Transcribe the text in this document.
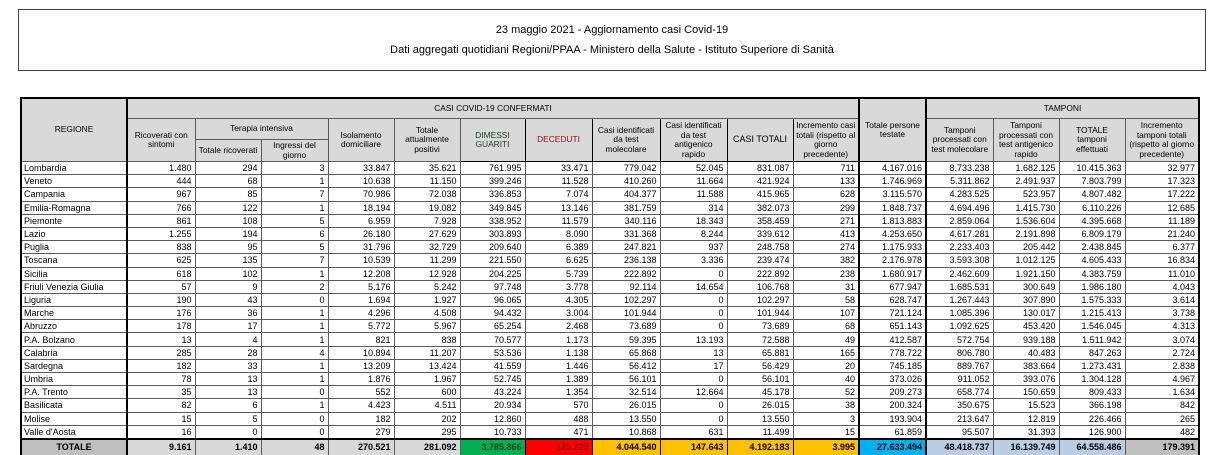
23 maggio 2021 - Aggiornamento casi Covid-19
Dati aggregati quotidiani Regioni/PPAA - Ministero della Salute - Istituto Superiore di Sanità
REGIONE	CASI COVID-19 CONFERMATI											Totale persone testate	TAMPONI			
	Ricoverati con sintomi	Terapia intensiva		Isolamento domiciliare	Totale attualmente positivi	DIMESSI GUARITI	DECEDUTI	Casi identificati da test molecolare	Casi identificati da test antigenico rapido	CASI TOTALI	Incremento casi totali (rispetto al giorno precedente)		Tamponi processati con test molecolare	Tamponi processati con test antigenico rapido	TOTALE tamponi effettuati	Incremento tamponi totali (rispetto al giorno precedente)
		Totale ricoverati	Ingressi del giorno													
Lombardia	1.480	294	3	33.847	35.621	761.995	33.471	779.042	52.045	831.087	711	4.167.016	8.733.238	1.682.125	10.415.363	32.977
Veneto	444	68	1	10.638	11.150	399.246	11.528	410.260	11.664	421.924	133	1.746.969	5.311.862	2.491.937	7.803.799	17.323
Campania	967	85	7	70.986	72.038	336.853	7.074	404.377	11.588	415.965	628	3.115.570	4.283.525	523.957	4.807.482	17.222
Emilia-Romagna	766	122	1	18.194	19.082	349.845	13.146	381.759	314	382.073	299	1.848.737	4.694.496	1.415.730	6.110.226	12.685
Piemonte	861	108	5	6.959	7.928	338.952	11.579	340.116	18.343	358.459	271	1.813.883	2.859.064	1.536.604	4.395.668	11.189
Lazio	1.255	194	6	26.180	27.629	303.893	8.090	331.368	8.244	339.612	413	4.253.650	4.617.281	2.191.898	6.809.179	21.240
Puglia	838	95	5	31.796	32.729	209.640	6.389	247.821	937	248.758	274	1.175.933	2.233.403	205.442	2.438.845	6.377
Toscana	625	135	7	10.539	11.299	221.550	6.625	236.138	3.336	239.474	382	2.176.978	3.593.308	1.012.125	4.605.433	16.834
Sicilia	618	102	1	12.208	12.928	204.225	5.739	222.892	0	222.892	238	1.680.917	2.462.609	1.921.150	4.383.759	11.010
Friuli Venezia Giulia	57	9	2	5.176	5.242	97.748	3.778	92.114	14.654	106.768	31	677.947	1.685.531	300.649	1.986.180	4.043
Liguria	190	43	0	1.694	1.927	96.065	4.305	102.297	0	102.297	58	628.747	1.267.443	307.890	1.575.333	3.614
Marche	176	36	1	4.296	4.508	94.432	3.004	101.944	0	101.944	107	721.124	1.085.396	130.017	1.215.413	3.738
Abruzzo	178	17	1	5.772	5.967	65.254	2.468	73.689	0	73.689	68	651.143	1.092.625	453.420	1.546.045	4.313
P.A. Bolzano	13	4	1	821	838	70.577	1.173	59.395	13.193	72.588	49	412.587	572.754	939.188	1.511.942	3.074
Calabria	285	28	4	10.894	11.207	53.536	1.138	65.868	13	65.881	165	778.722	806.780	40.483	847.263	2.724
Sardegna	182	33	1	13.209	13.424	41.559	1.446	56.412	17	56.429	20	745.185	889.767	383.664	1.273.431	2.838
Umbria	78	13	1	1.876	1.967	52.745	1.389	56.101	0	56.101	40	373.026	911.052	393.076	1.304.128	4.967
P.A. Trento	35	13	0	552	600	43.224	1.354	32.514	12.664	45.178	52	209.273	658.774	150.659	809.433	1.634
Basilicata	82	6	1	4.423	4.511	20.934	570	26.015	0	26.015	38	200.324	350.675	15.523	366.198	842
Molise	15	5	0	182	202	12.860	488	13.550	0	13.550	3	193.904	213.647	12.819	226.466	265
Valle d'Aosta	16	0	0	279	295	10.733	471	10.868	631	11.499	15	61.859	95.507	31.393	126.900	482
TOTALE	9.161	1.410	48	270.521	281.092	3.785.866	125.225	4.044.540	147.643	4.192.183	3.995	27.633.494	48.418.737	16.139.749	64.558.486	179.391
